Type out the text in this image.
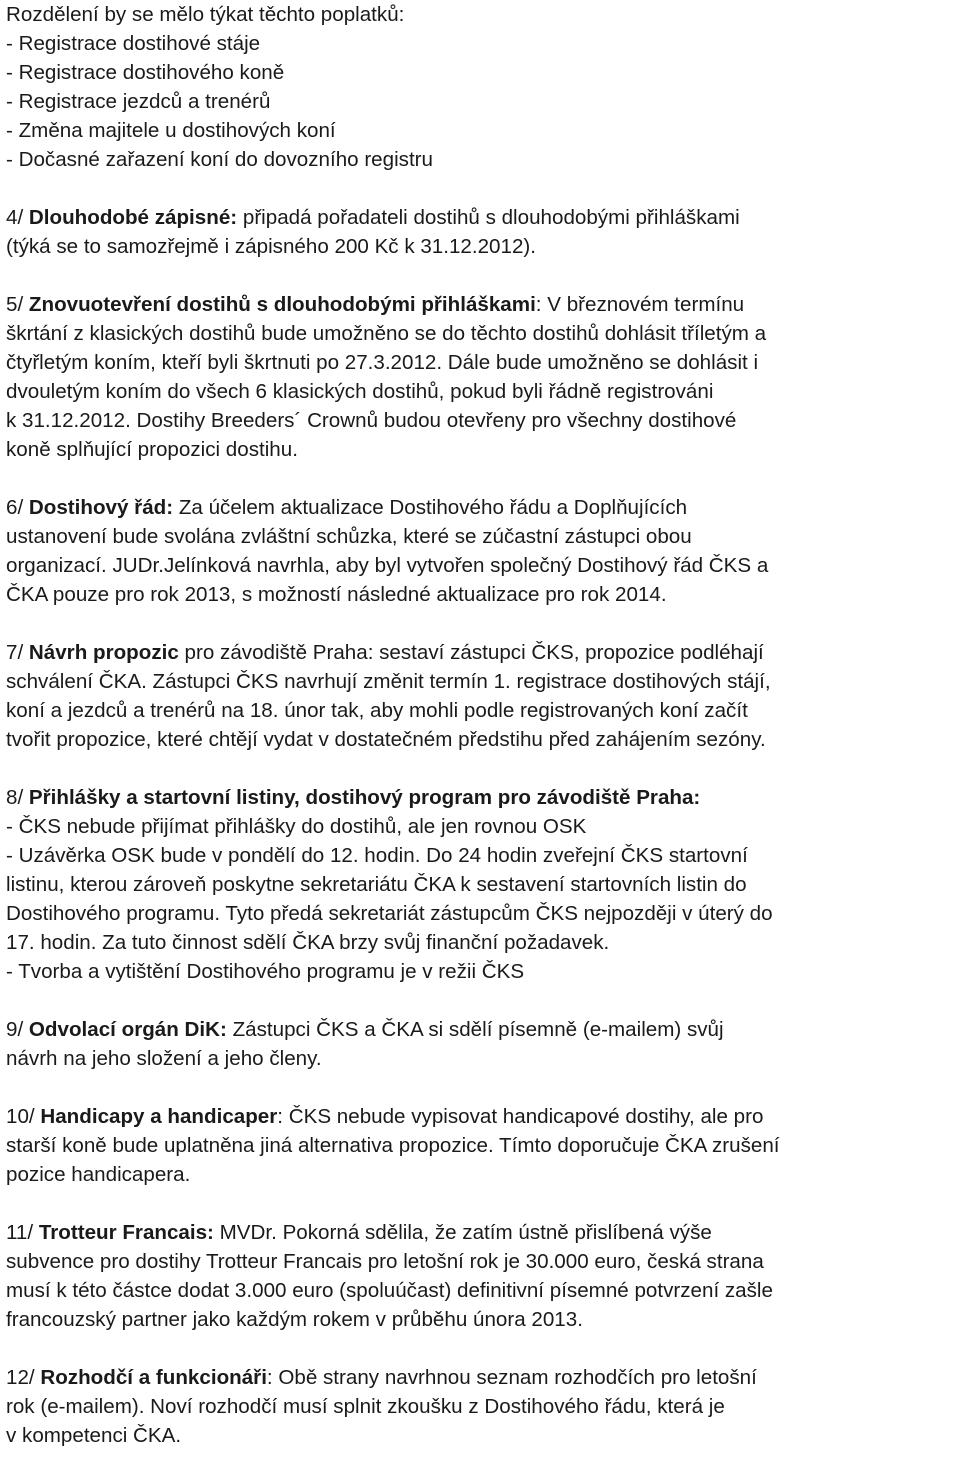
Rozdělení by se mělo týkat těchto poplatků:
- Registrace dostihové stáje
- Registrace dostihového koně
- Registrace jezdců a trenérů
- Změna majitele u dostihových koní
- Dočasné zařazení koní do dovozního registru
4/ Dlouhodobé zápisné: připadá pořadateli dostihů s dlouhodobými přihláškami
(týká se to samozřejmě i zápisného 200 Kč k 31.12.2012).
5/ Znovuotevření dostihů s dlouhodobými přihláškami: V březnovém termínu
škrtání z klasických dostihů bude umožněno se do těchto dostihů dohlásit tříletým a
čtyřletým koním, kteří byli škrtnuti po 27.3.2012. Dále bude umožněno se dohlásit i
dvouletým koním do všech 6 klasických dostihů, pokud byli řádně registrováni
k 31.12.2012. Dostihy Breeders´ Crownů budou otevřeny pro všechny dostihové
koně splňující propozici dostihu.
6/ Dostihový řád: Za účelem aktualizace Dostihového řádu a Doplňujících
ustanovení bude svolána zvláštní schůzka, které se zúčastní zástupci obou
organizací. JUDr.Jelínková navrhla, aby byl vytvořen společný Dostihový řád ČKS a
ČKA pouze pro rok 2013, s možností následné aktualizace pro rok 2014.
7/ Návrh propozic pro závodiště Praha: sestaví zástupci ČKS, propozice podléhají
schválení ČKA. Zástupci ČKS navrhují změnit termín 1. registrace dostihových stájí,
koní a jezdců a trenérů na 18. únor tak, aby mohli podle registrovaných koní začít
tvořit propozice, které chtějí vydat v dostatečném předstihu před zahájením sezóny.
8/ Přihlášky a startovní listiny, dostihový program pro závodiště Praha:
- ČKS nebude přijímat přihlášky do dostihů, ale jen rovnou OSK
- Uzávěrka OSK bude v pondělí do 12. hodin. Do 24 hodin zveřejní ČKS startovní
listinu, kterou zároveň poskytne sekretariátu ČKA k sestavení startovních listin do
Dostihového programu. Tyto předá sekretariát zástupcům ČKS nejpozději v úterý do
17. hodin. Za tuto činnost sdělí ČKA brzy svůj finanční požadavek.
- Tvorba a vytištění Dostihového programu je v režii ČKS
9/ Odvolací orgán DiK: Zástupci ČKS a ČKA si sdělí písemně (e-mailem) svůj
návrh na jeho složení a jeho členy.
10/ Handicapy a handicaper: ČKS nebude vypisovat handicapové dostihy, ale pro
starší koně bude uplatněna jiná alternativa propozice. Tímto doporučuje ČKA zrušení
pozice handicapera.
11/ Trotteur Francais: MVDr. Pokorná sdělila, že zatím ústně přislíbená výše
subvence pro dostihy Trotteur Francais pro letošní rok je 30.000 euro, česká strana
musí k této částce dodat 3.000 euro (spoluúčast) definitivní písemné potvrzení zašle
francouzský partner jako každým rokem v průběhu února 2013.
12/ Rozhodčí a funkcionáři: Obě strany navrhnou seznam rozhodčích pro letošní
rok (e-mailem). Noví rozhodčí musí splnit zkoušku z Dostihového řádu, která je
v kompetenci ČKA.
